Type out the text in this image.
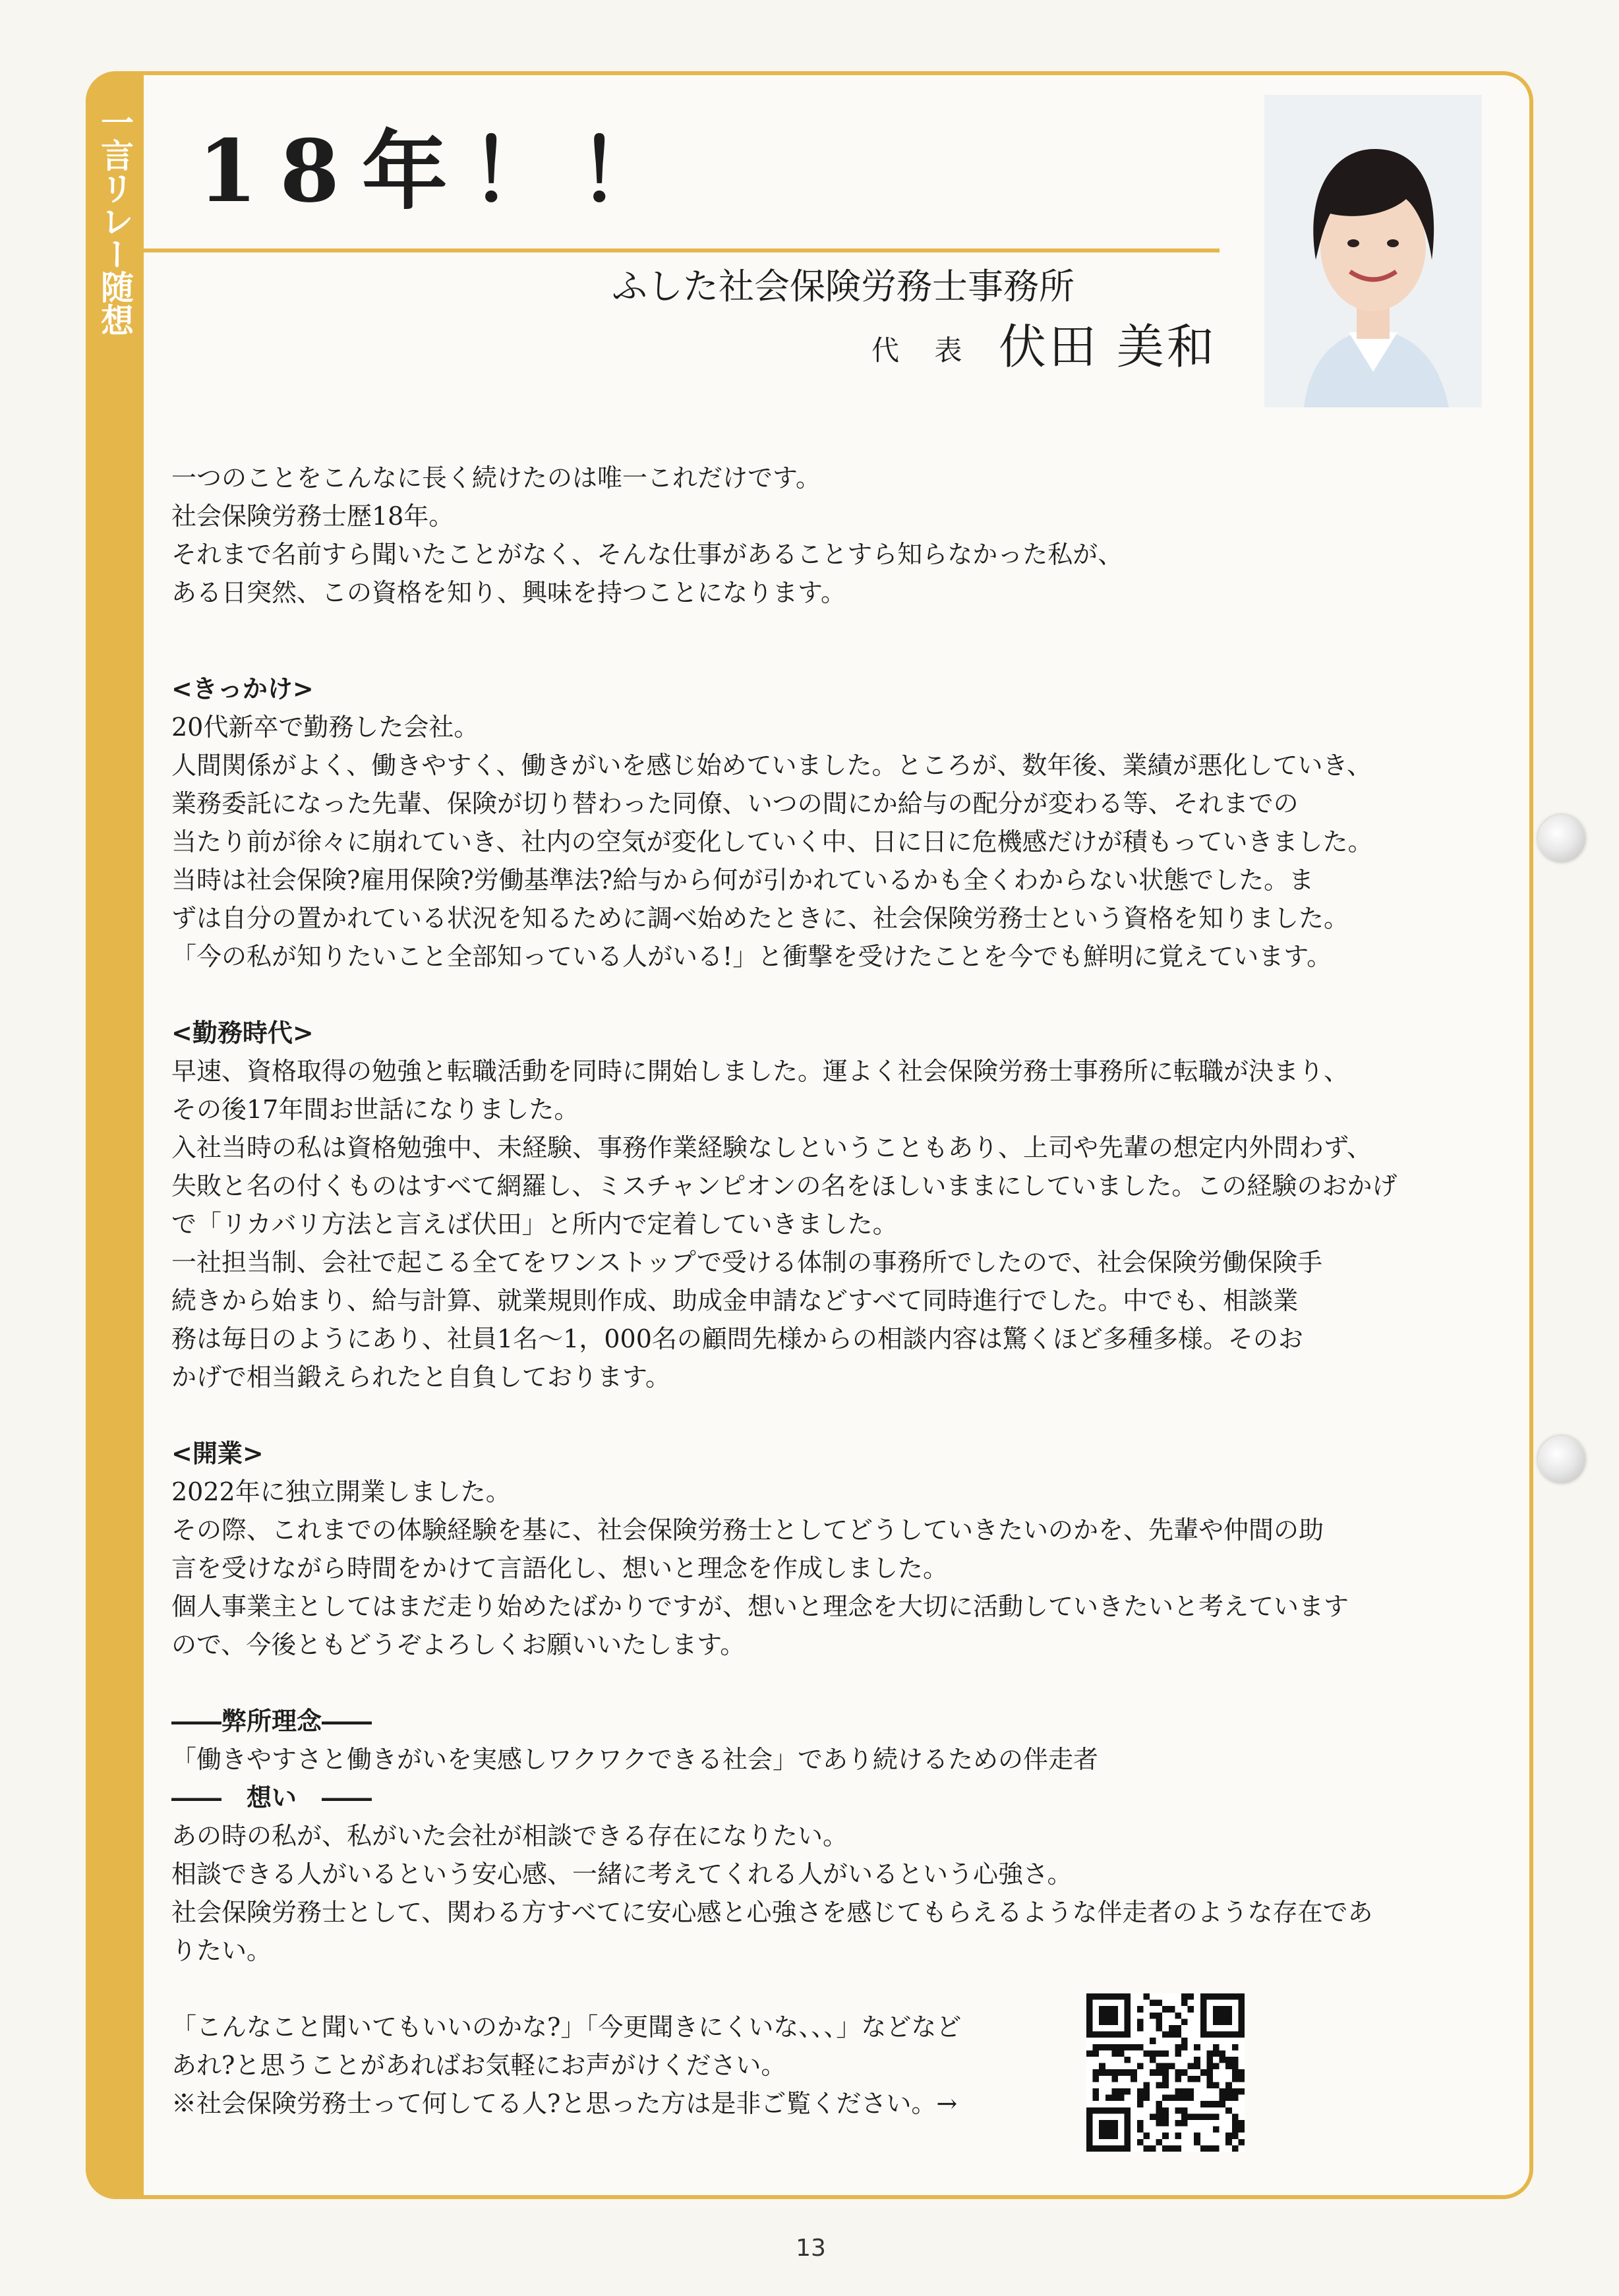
一言リレー随想 18年！！
ふした社会保険労務士事務所
代 表 伏田 美和
一つのことをこんなに長く続けたのは唯一これだけです。
社会保険労務士歴18年。
それまで名前すら聞いたことがなく、そんな仕事があることすら知らなかった私が、
ある日突然、この資格を知り、興味を持つことになります。
<きっかけ>
20代新卒で勤務した会社。
人間関係がよく、働きやすく、働きがいを感じ始めていました。ところが、数年後、業績が悪化していき、
業務委託になった先輩、保険が切り替わった同僚、いつの間にか給与の配分が変わる等、それまでの
当たり前が徐々に崩れていき、社内の空気が変化していく中、日に日に危機感だけが積もっていきました。
当時は社会保険?雇用保険?労働基準法?給与から何が引かれているかも全くわからない状態でした。ま
ずは自分の置かれている状況を知るために調べ始めたときに、社会保険労務士という資格を知りました。
「今の私が知りたいこと全部知っている人がいる!」と衝撃を受けたことを今でも鮮明に覚えています。
<勤務時代>
早速、資格取得の勉強と転職活動を同時に開始しました。運よく社会保険労務士事務所に転職が決まり、
その後17年間お世話になりました。
入社当時の私は資格勉強中、未経験、事務作業経験なしということもあり、上司や先輩の想定内外問わず、
失敗と名の付くものはすべて網羅し、ミスチャンピオンの名をほしいままにしていました。この経験のおかげ
で「リカバリ方法と言えば伏田」と所内で定着していきました。
一社担当制、会社で起こる全てをワンストップで受ける体制の事務所でしたので、社会保険労働保険手
続きから始まり、給与計算、就業規則作成、助成金申請などすべて同時進行でした。中でも、相談業
務は毎日のようにあり、社員1名～1，000名の顧問先様からの相談内容は驚くほど多種多様。そのお
かげで相当鍛えられたと自負しております。
<開業>
2022年に独立開業しました。
その際、これまでの体験経験を基に、社会保険労務士としてどうしていきたいのかを、先輩や仲間の助
言を受けながら時間をかけて言語化し、想いと理念を作成しました。
個人事業主としてはまだ走り始めたばかりですが、想いと理念を大切に活動していきたいと考えています
ので、今後ともどうぞよろしくお願いいたします。
――弊所理念――
「働きやすさと働きがいを実感しワクワクできる社会」であり続けるための伴走者
――　想い　――
あの時の私が、私がいた会社が相談できる存在になりたい。
相談できる人がいるという安心感、一緒に考えてくれる人がいるという心強さ。
社会保険労務士として、関わる方すべてに安心感と心強さを感じてもらえるような伴走者のような存在であ
りたい。
「こんなこと聞いてもいいのかな?」「今更聞きにくいな、、、」などなど
あれ?と思うことがあればお気軽にお声がけください。
※社会保険労務士って何してる人?と思った方は是非ご覧ください。→
13
